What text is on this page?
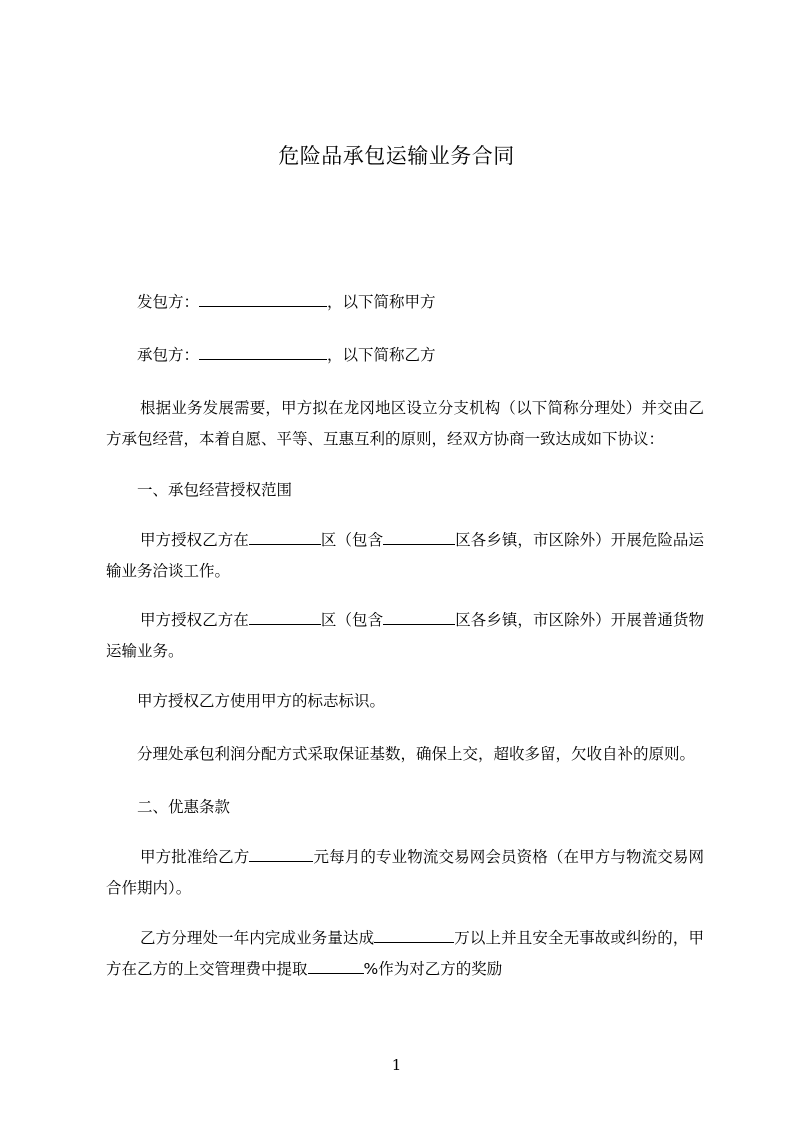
危险品承包运输业务合同
发包方：	，以下简称甲方
承包方：	，以下简称乙方
根据业务发展需要，甲方拟在龙冈地区设立分支机构（以下简称分理处）并交由乙方承包经营，本着自愿、平等、互惠互利的原则，经双方协商一致达成如下协议：
一、承包经营授权范围
甲方授权乙方在	区（包含	区各乡镇，市区除外）开展危险品运输业务洽谈工作。
甲方授权乙方在	区（包含	区各乡镇，市区除外）开展普通货物运输业务。
甲方授权乙方使用甲方的标志标识。
分理处承包利润分配方式采取保证基数，确保上交，超收多留，欠收自补的原则。
二、优惠条款
甲方批准给乙方	元每月的专业物流交易网会员资格（在甲方与物流交易网合作期内）。
乙方分理处一年内完成业务量达成	万以上并且安全无事故或纠纷的，甲方在乙方的上交管理费中提取	%作为对乙方的奖励
1
